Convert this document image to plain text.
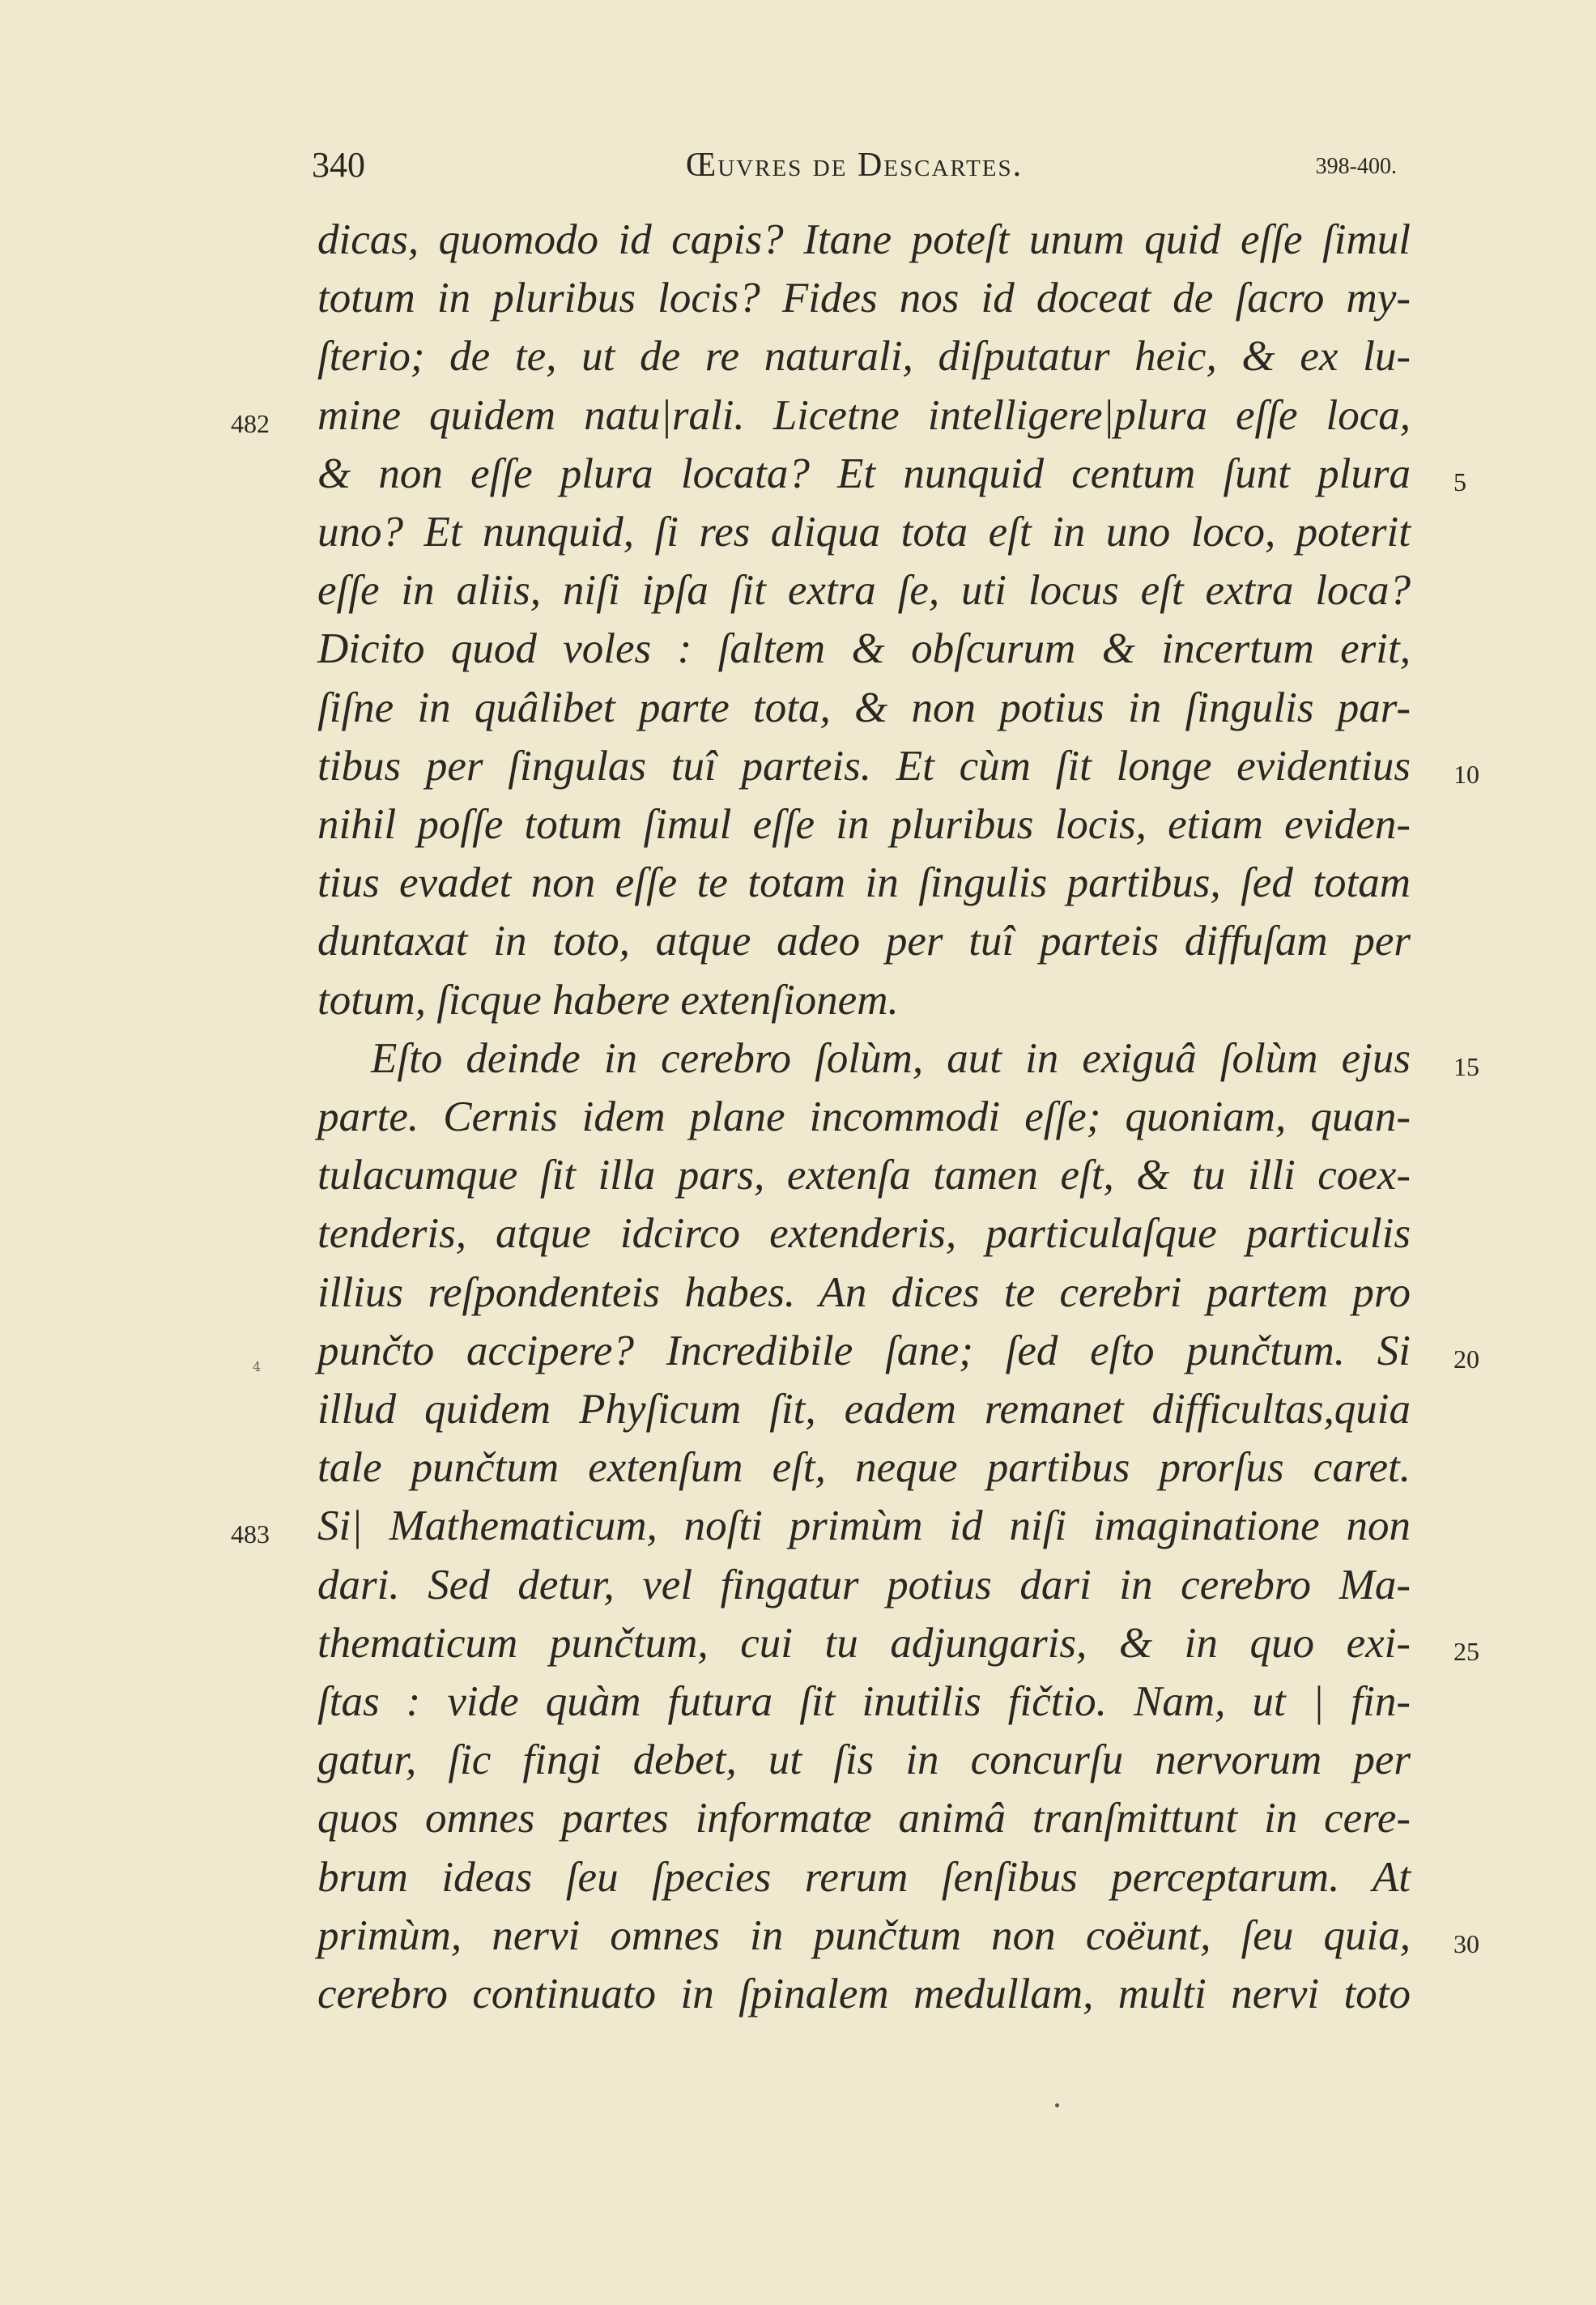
340	Œuvres de Descartes.	398-400.
dicas, quomodo id capis? Itane poteſt unum quid eſſe ſimul
totum in pluribus locis? Fides nos id doceat de ſacro my-
ſterio; de te, ut de re naturali, diſputatur heic, & ex lu-
mine quidem natu|rali. Licetne intelligere|plura eſſe loca,
& non eſſe plura locata? Et nunquid centum ſunt plura
uno? Et nunquid, ſi res aliqua tota eſt in uno loco, poterit
eſſe in aliis, niſi ipſa ſit extra ſe, uti locus eſt extra loca?
Dicito quod voles : ſaltem & obſcurum & incertum erit,
ſiſne in quâlibet parte tota, & non potius in ſingulis par-
tibus per ſingulas tuî parteis. Et cùm ſit longe evidentius
nihil poſſe totum ſimul eſſe in pluribus locis, etiam eviden-
tius evadet non eſſe te totam in ſingulis partibus, ſed totam
duntaxat in toto, atque adeo per tuî parteis diffuſam per
totum, ſicque habere extenſionem.
Eſto deinde in cerebro ſolùm, aut in exiguâ ſolùm ejus
parte. Cernis idem plane incommodi eſſe; quoniam, quan-
tulacumque ſit illa pars, extenſa tamen eſt, & tu illi coex-
tenderis, atque idcirco extenderis, particulaſque particulis
illius reſpondenteis habes. An dices te cerebri partem pro
punčto accipere? Incredibile ſane; ſed eſto punčtum. Si
illud quidem Phyſicum ſit, eadem remanet difficultas,quia
tale punčtum extenſum eſt, neque partibus prorſus caret.
Si| Mathematicum, noſti primùm id niſi imaginatione non
dari. Sed detur, vel fingatur potius dari in cerebro Ma-
thematicum punčtum, cui tu adjungaris, & in quo exi-
ſtas : vide quàm futura ſit inutilis fičtio. Nam, ut | fin-
gatur, ſic fingi debet, ut ſis in concurſu nervorum per
quos omnes partes informatæ animâ tranſmittunt in cere-
brum ideas ſeu ſpecies rerum ſenſibus perceptarum. At
primùm, nervi omnes in punčtum non coëunt, ſeu quia,
cerebro continuato in ſpinalem medullam, multi nervi toto
482
483
5
10
15
20
25
30
4
